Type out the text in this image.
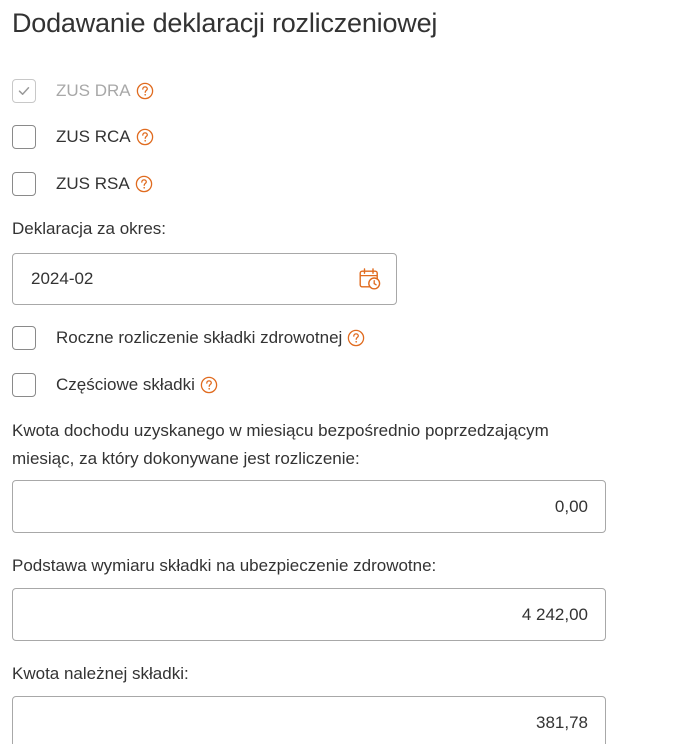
Dodawanie deklaracji rozliczeniowej
ZUS DRA
ZUS RCA
ZUS RSA
Deklaracja za okres:
2024-02
Roczne rozliczenie składki zdrowotnej
Częściowe składki
Kwota dochodu uzyskanego w miesiącu bezpośrednio poprzedzającym miesiąc, za który dokonywane jest rozliczenie:
0,00
Podstawa wymiaru składki na ubezpieczenie zdrowotne:
4 242,00
Kwota należnej składki:
381,78
